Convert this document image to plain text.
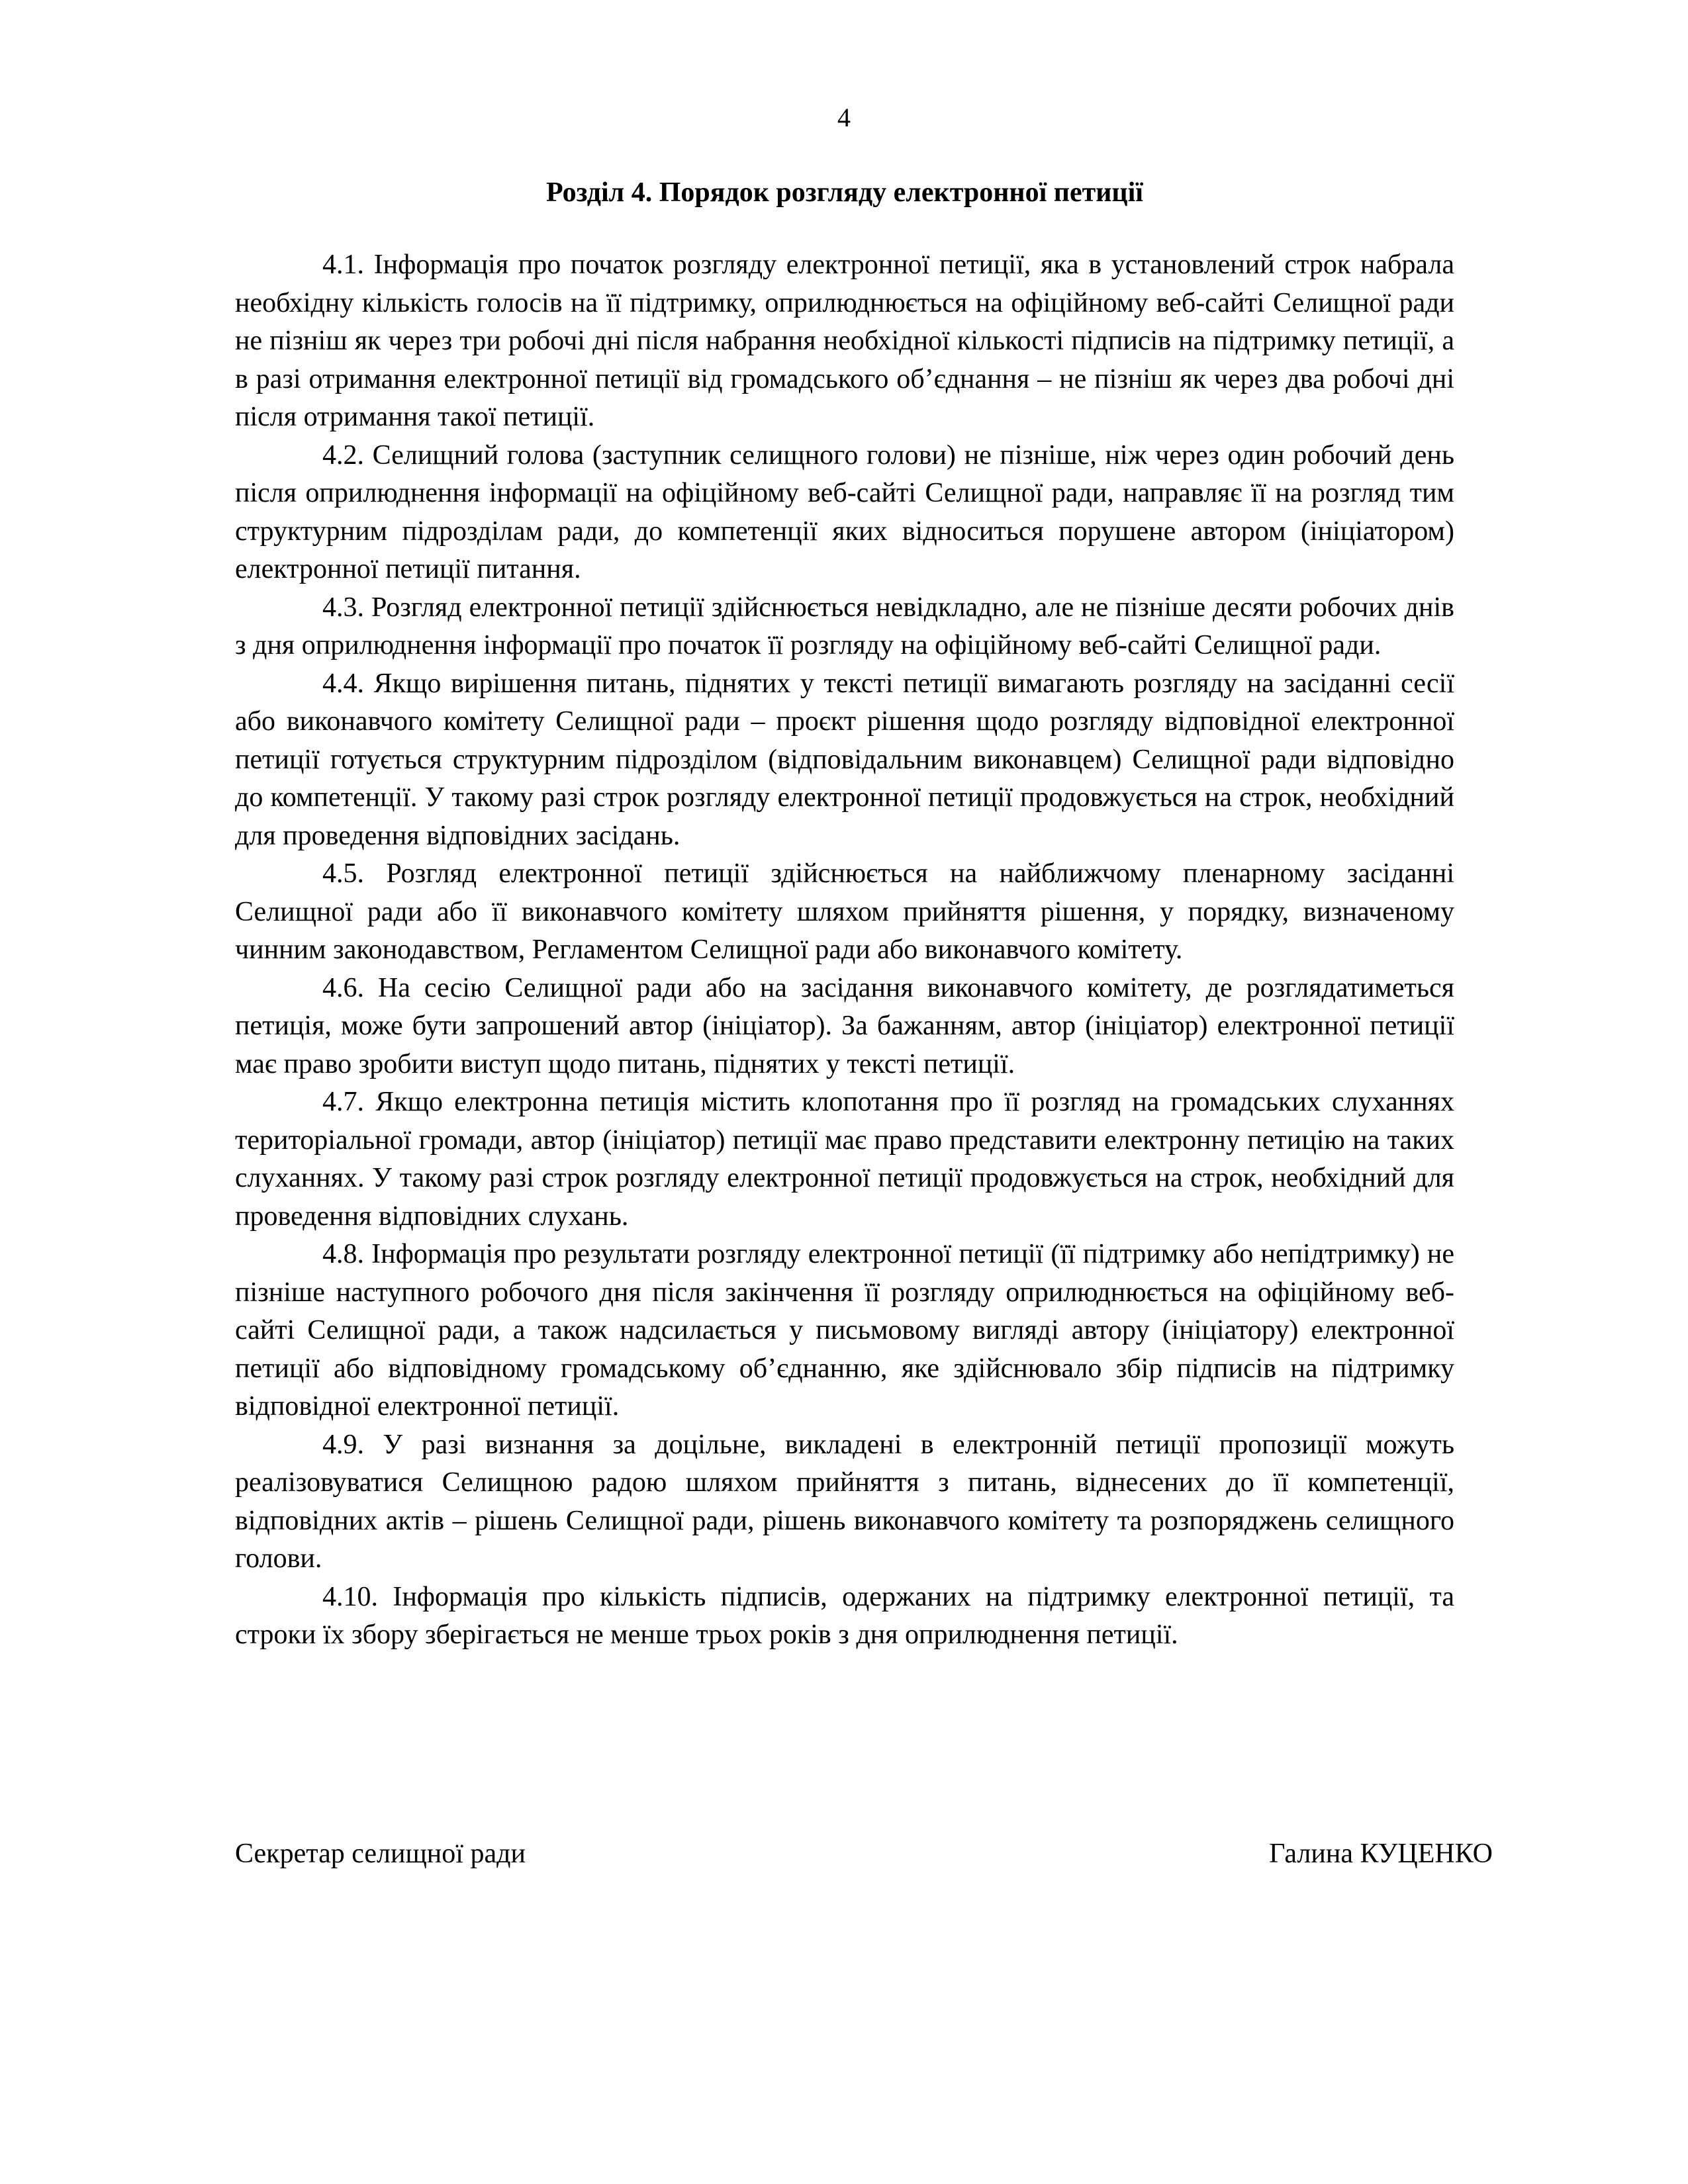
4

Розділ 4. Порядок розгляду електронної петиції

4.1. Інформація про початок розгляду електронної петиції, яка в установлений строк набрала необхідну кількість голосів на її підтримку, оприлюднюється на офіційному веб-сайті Селищної ради не пізніш як через три робочі дні після набрання необхідної кількості підписів на підтримку петиції, а в разі отримання електронної петиції від громадського об’єднання – не пізніш як через два робочі дні після отримання такої петиції.

4.2. Селищний голова (заступник селищного голови) не пізніше, ніж через один робочий день після оприлюднення інформації на офіційному веб-сайті Селищної ради, направляє її на розгляд тим структурним підрозділам ради, до компетенції яких відноситься порушене автором (ініціатором) електронної петиції питання.

4.3. Розгляд електронної петиції здійснюється невідкладно, але не пізніше десяти робочих днів з дня оприлюднення інформації про початок її розгляду на офіційному веб-сайті Селищної ради.

4.4. Якщо вирішення питань, піднятих у тексті петиції вимагають розгляду на засіданні сесії або виконавчого комітету Селищної ради – проєкт рішення щодо розгляду відповідної електронної петиції готується структурним підрозділом (відповідальним виконавцем) Селищної ради відповідно до компетенції. У такому разі строк розгляду електронної петиції продовжується на строк, необхідний для проведення відповідних засідань.

4.5. Розгляд електронної петиції здійснюється на найближчому пленарному засіданні Селищної ради або її виконавчого комітету шляхом прийняття рішення, у порядку, визначеному чинним законодавством, Регламентом Селищної ради або виконавчого комітету.

4.6. На сесію Селищної ради або на засідання виконавчого комітету, де розглядатиметься петиція, може бути запрошений автор (ініціатор). За бажанням, автор (ініціатор) електронної петиції має право зробити виступ щодо питань, піднятих у тексті петиції.

4.7. Якщо електронна петиція містить клопотання про її розгляд на громадських слуханнях територіальної громади, автор (ініціатор) петиції має право представити електронну петицію на таких слуханнях. У такому разі строк розгляду електронної петиції продовжується на строк, необхідний для проведення відповідних слухань.

4.8. Інформація про результати розгляду електронної петиції (її підтримку або непідтримку) не пізніше наступного робочого дня після закінчення її розгляду оприлюднюється на офіційному веб-сайті Селищної ради, а також надсилається у письмовому вигляді автору (ініціатору) електронної петиції або відповідному громадському об’єднанню, яке здійснювало збір підписів на підтримку відповідної електронної петиції.

4.9. У разі визнання за доцільне, викладені в електронній петиції пропозиції можуть реалізовуватися Селищною радою шляхом прийняття з питань, віднесених до її компетенції, відповідних актів – рішень Селищної ради, рішень виконавчого комітету та розпоряджень селищного голови.

4.10. Інформація про кількість підписів, одержаних на підтримку електронної петиції, та строки їх збору зберігається не менше трьох років з дня оприлюднення петиції.

Секретар селищної ради	Галина КУЦЕНКО
